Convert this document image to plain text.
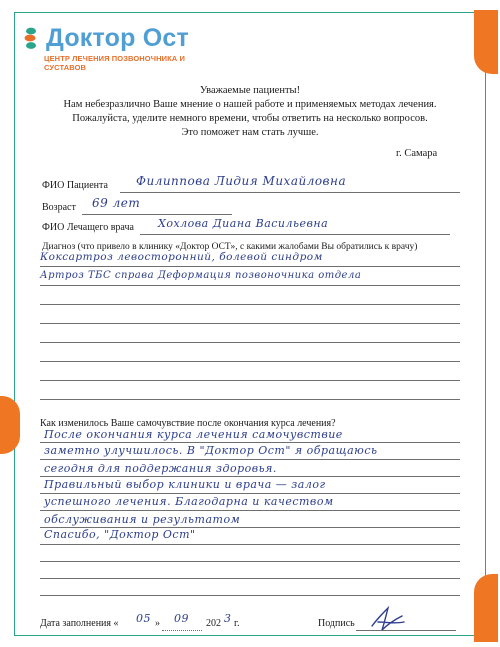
Доктор Ост
ЦЕНТР ЛЕЧЕНИЯ ПОЗВОНОЧНИКА И СУСТАВОВ
Уважаемые пациенты!
Нам небезразлично Ваше мнение о нашей работе и применяемых методах лечения.
Пожалуйста, уделите немного времени, чтобы ответить на несколько вопросов.
Это поможет нам стать лучше.
г. Самара
ФИО Пациента Филиппова Лидия Михайловна
Возраст 69 лет
ФИО Лечащего врача Хохлова Диана Васильевна
Диагноз (что привело в клинику «Доктор ОСТ», с какими жалобами Вы обратились к врачу)
Коксартроз левосторонний, болевой синдром
Артроз ТБС справа Деформация позвоночника отдела
Как изменилось Ваше самочувствие после окончания курса лечения?
После окончания курса лечения самочувствие
заметно улучшилось. В "Доктор Ост" я обращаюсь
сегодня для поддержания здоровья.
Правильный выбор клиники и врача — залог
успешного лечения. Благодарна и качеством
обслуживания и результатом
Спасибо, "Доктор Ост"
Дата заполнения « 05 » 09 202 3 г.	Подпись
